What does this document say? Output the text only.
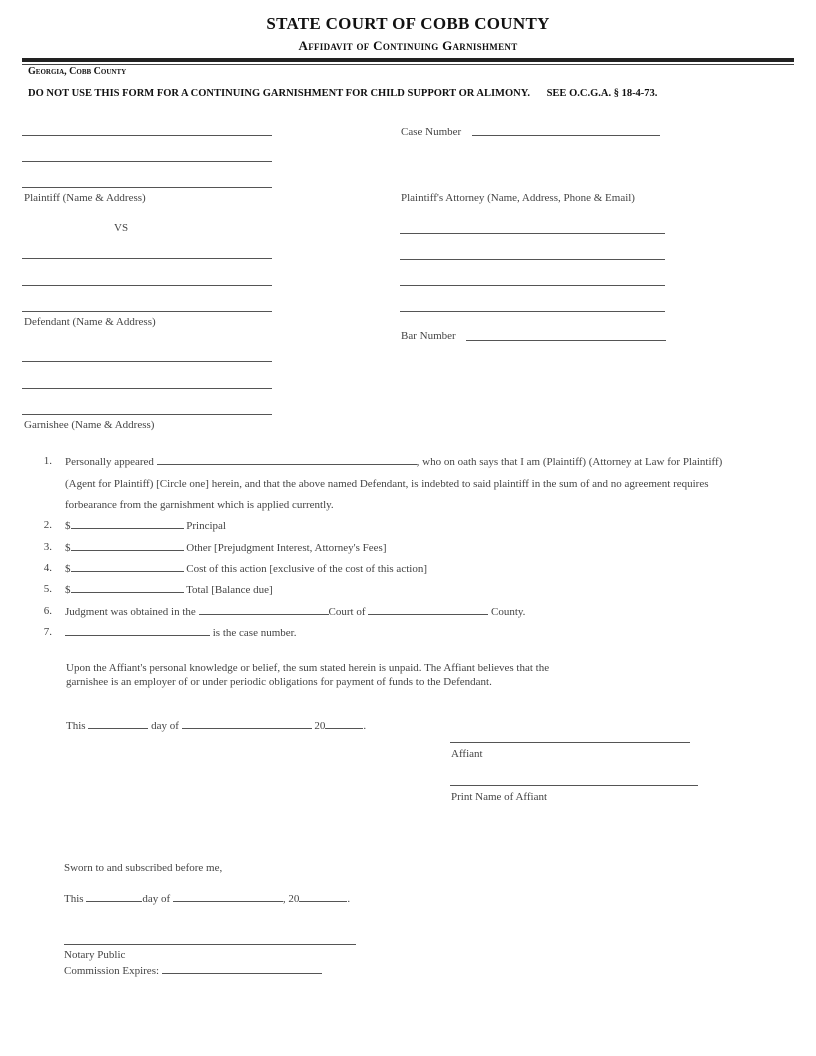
STATE COURT OF COBB COUNTY
Affidavit of Continuing Garnishment
Georgia, Cobb County
DO NOT USE THIS FORM FOR A CONTINUING GARNISHMENT FOR CHILD SUPPORT OR ALIMONY. SEE O.C.G.A. § 18-4-73.
Plaintiff (Name & Address)
VS
Case Number
Plaintiff's Attorney (Name, Address, Phone & Email)
Bar Number
Defendant (Name & Address)
Garnishee (Name & Address)
1. Personally appeared	, who on oath says that I am (Plaintiff) (Attorney at Law for Plaintiff)
(Agent for Plaintiff) [Circle one] herein, and that the above named Defendant, is indebted to said plaintiff in the sum of and no agreement requires
forbearance from the garnishment which is applied currently.
2. $	Principal
3. $	Other [Prejudgment Interest, Attorney's Fees]
4. $	Cost of this action [exclusive of the cost of this action]
5. $	Total [Balance due]
6. Judgment was obtained in the	Court of	County.
7.	is the case number.
Upon the Affiant's personal knowledge or belief, the sum stated herein is unpaid. The Affiant believes that the
garnishee is an employer of or under periodic obligations for payment of funds to the Defendant.
This	day of	20	.
Affiant
Print Name of Affiant
Sworn to and subscribed before me,
This	day of	, 20	.
Notary Public
Commission Expires:
